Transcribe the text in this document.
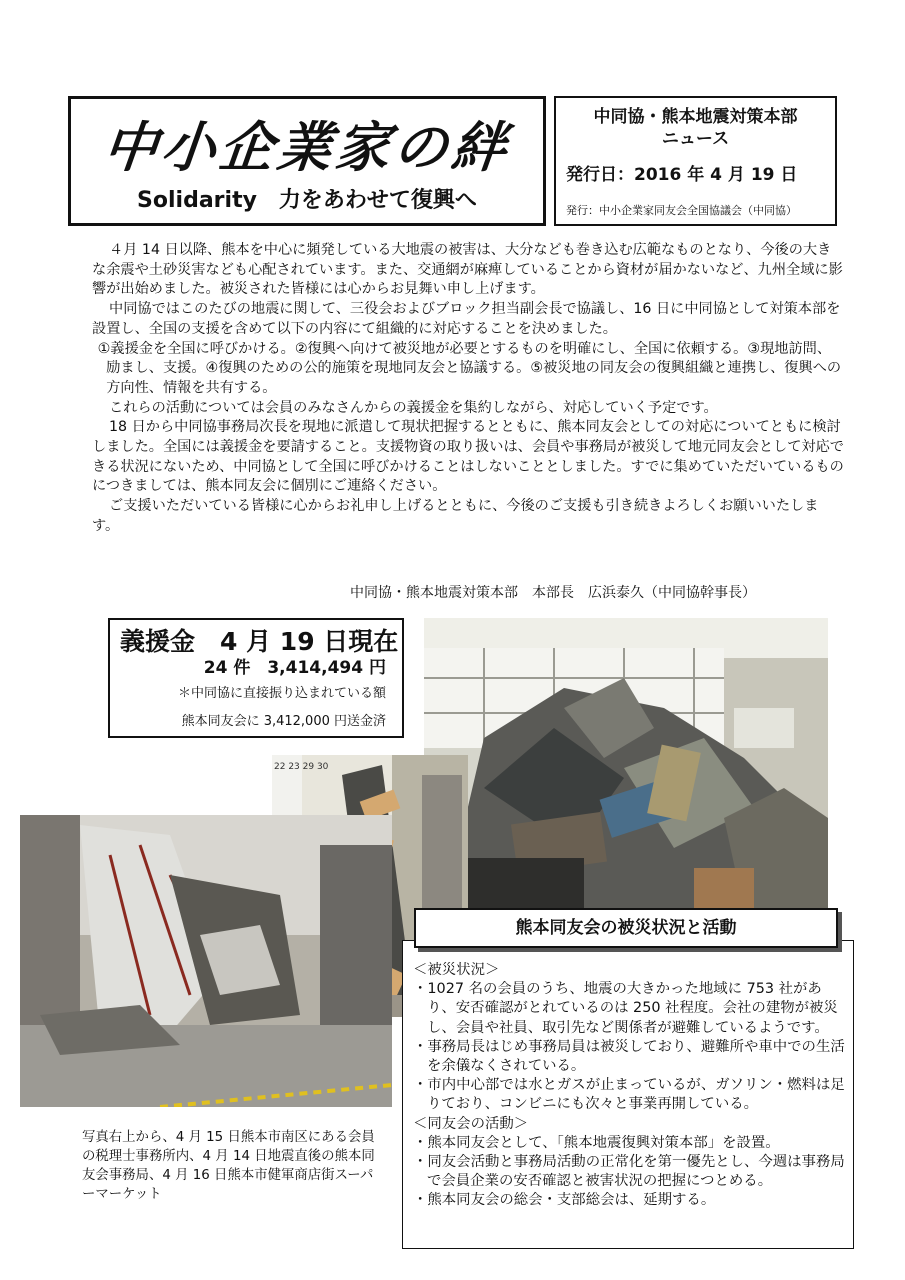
中小企業家の絆
Solidarity　力をあわせて復興へ
中同協・熊本地震対策本部
ニュース
発行日：2016 年 4 月 19 日
発行：中小企業家同友会全国協議会（中同協）

４月 14 日以降、熊本を中心に頻発している大地震の被害は、大分なども巻き込む広範なものとなり、今後の大きな余震や土砂災害なども心配されています。また、交通網が麻痺していることから資材が届かないなど、九州全域に影響が出始めました。被災された皆様には心からお見舞い申し上げます。

中同協ではこのたびの地震に関して、三役会およびブロック担当副会長で協議し、16 日に中同協として対策本部を設置し、全国の支援を含めて以下の内容にて組織的に対応することを決めました。

①義援金を全国に呼びかける。②復興へ向けて被災地が必要とするものを明確にし、全国に依頼する。③現地訪問、励まし、支援。④復興のための公的施策を現地同友会と協議する。⑤被災地の同友会の復興組織と連携し、復興への方向性、情報を共有する。

これらの活動については会員のみなさんからの義援金を集約しながら、対応していく予定です。

18 日から中同協事務局次長を現地に派遣して現状把握するとともに、熊本同友会としての対応についてともに検討しました。全国には義援金を要請すること。支援物資の取り扱いは、会員や事務局が被災して地元同友会として対応できる状況にないため、中同協として全国に呼びかけることはしないこととしました。すでに集めていただいているものにつきましては、熊本同友会に個別にご連絡ください。

ご支援いただいている皆様に心からお礼申し上げるとともに、今後のご支援も引き続きよろしくお願いいたします。

中同協・熊本地震対策本部　本部長　広浜泰久（中同協幹事長）
義援金　4 月 19 日現在
24 件　3,414,494 円
＊中同協に直接振り込まれている額
熊本同友会に 3,412,000 円送金済
22 23 29 30
写真右上から、4 月 15 日熊本市南区にある会員の税理士事務所内、4 月 14 日地震直後の熊本同友会事務局、4 月 16 日熊本市健軍商店街スーパーマーケット

＜被災状況＞

・1027 名の会員のうち、地震の大きかった地域に 753 社があり、安否確認がとれているのは 250 社程度。会社の建物が被災し、会員や社員、取引先など関係者が避難しているようです。

・事務局長はじめ事務局員は被災しており、避難所や車中での生活を余儀なくされている。

・市内中心部では水とガスが止まっているが、ガソリン・燃料は足りており、コンビニにも次々と事業再開している。

＜同友会の活動＞

・熊本同友会として、「熊本地震復興対策本部」を設置。

・同友会活動と事務局活動の正常化を第一優先とし、今週は事務局で会員企業の安否確認と被害状況の把握につとめる。

・熊本同友会の総会・支部総会は、延期する。

熊本同友会の被災状況と活動
